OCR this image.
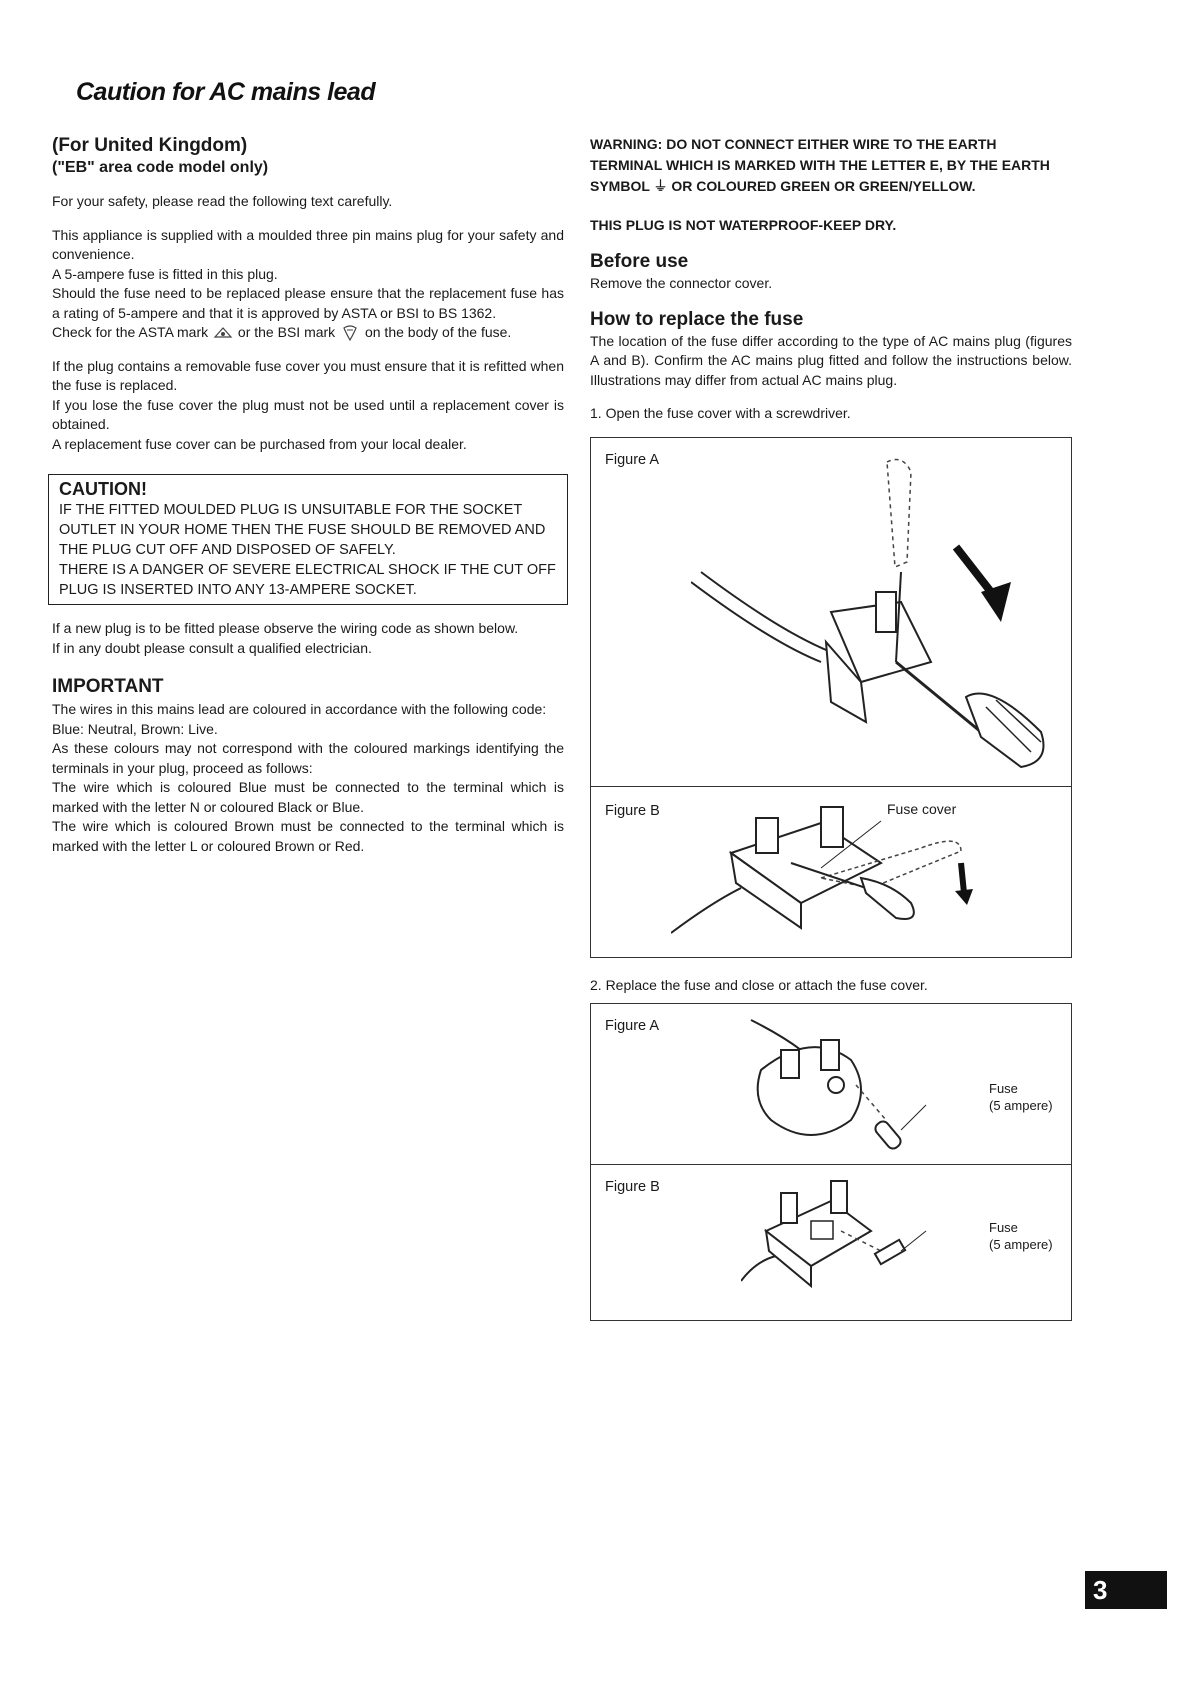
Caution for AC mains lead
(For United Kingdom)
("EB" area code model only)

For your safety, please read the following text carefully.

This appliance is supplied with a moulded three pin mains plug for your safety and convenience.

A 5-ampere fuse is fitted in this plug.

Should the fuse need to be replaced please ensure that the replacement fuse has a rating of 5-ampere and that it is approved by ASTA or BSI to BS 1362.

Check for the ASTA mark or the BSI mark on the body of the fuse.

If the plug contains a removable fuse cover you must ensure that it is refitted when the fuse is replaced.

If you lose the fuse cover the plug must not be used until a replacement cover is obtained.

A replacement fuse cover can be purchased from your local dealer.

CAUTION!
IF THE FITTED MOULDED PLUG IS UNSUITABLE FOR THE SOCKET OUTLET IN YOUR HOME THEN THE FUSE SHOULD BE REMOVED AND THE PLUG CUT OFF AND DISPOSED OF SAFELY.
THERE IS A DANGER OF SEVERE ELECTRICAL SHOCK IF THE CUT OFF PLUG IS INSERTED INTO ANY 13-AMPERE SOCKET.

If a new plug is to be fitted please observe the wiring code as shown below.

If in any doubt please consult a qualified electrician.

IMPORTANT

The wires in this mains lead are coloured in accordance with the following code:

Blue: Neutral, Brown: Live.

As these colours may not correspond with the coloured markings identifying the terminals in your plug, proceed as follows:

The wire which is coloured Blue must be connected to the terminal which is marked with the letter N or coloured Black or Blue.

The wire which is coloured Brown must be connected to the terminal which is marked with the letter L or coloured Brown or Red.

WARNING: DO NOT CONNECT EITHER WIRE TO THE EARTH TERMINAL WHICH IS MARKED WITH THE LETTER E, BY THE EARTH SYMBOL ⏚ OR COLOURED GREEN OR GREEN/YELLOW.
THIS PLUG IS NOT WATERPROOF-KEEP DRY.
Before use

Remove the connector cover.

How to replace the fuse

The location of the fuse differ according to the type of AC mains plug (figures A and B). Confirm the AC mains plug fitted and follow the instructions below. Illustrations may differ from actual AC mains plug.

1. Open the fuse cover with a screwdriver.
Figure A
Figure B	Fuse cover
2. Replace the fuse and close or attach the fuse cover.
Figure A
Fuse
(5 ampere)
Figure B
Fuse
(5 ampere)
3
